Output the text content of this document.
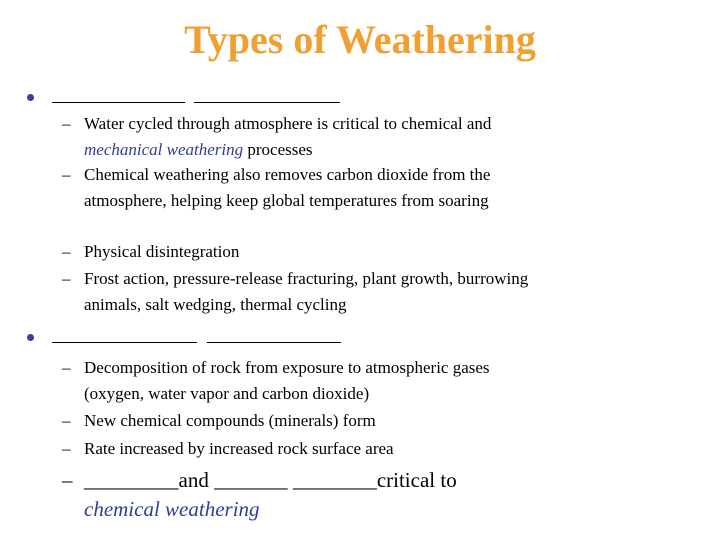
Types of Weathering
– Water cycled through atmosphere is critical to chemical and mechanical weathering processes
– Chemical weathering also removes carbon dioxide from the atmosphere, helping keep global temperatures from soaring
– Physical disintegration
– Frost action, pressure-release fracturing, plant growth, burrowing animals, salt wedging, thermal cycling
– Decomposition of rock from exposure to atmospheric gases (oxygen, water vapor and carbon dioxide)
– New chemical compounds (minerals) form
– Rate increased by increased rock surface area
– _________and _______ ________critical to
chemical weathering
